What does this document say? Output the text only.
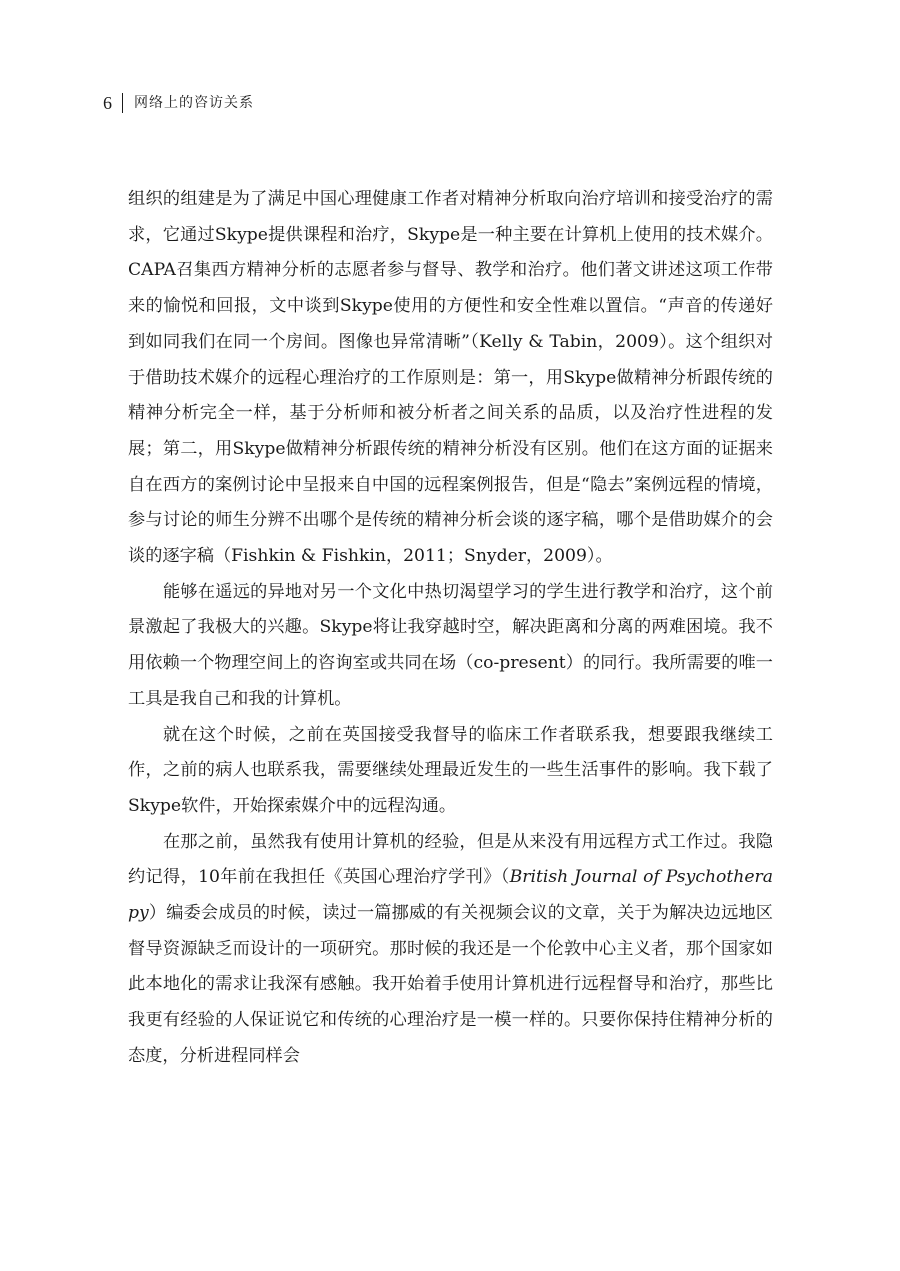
6 网络上的咨访关系

组织的组建是为了满足中国心理健康工作者对精神分析取向治疗培训和接受治疗的需求，它通过Skype提供课程和治疗，Skype是一种主要在计算机上使用的技术媒介。CAPA召集西方精神分析的志愿者参与督导、教学和治疗。他们著文讲述这项工作带来的愉悦和回报，文中谈到Skype使用的方便性和安全性难以置信。“声音的传递好到如同我们在同一个房间。图像也异常清晰”（Kelly & Tabin，2009）。这个组织对于借助技术媒介的远程心理治疗的工作原则是：第一，用Skype做精神分析跟传统的精神分析完全一样，基于分析师和被分析者之间关系的品质，以及治疗性进程的发展；第二，用Skype做精神分析跟传统的精神分析没有区别。他们在这方面的证据来自在西方的案例讨论中呈报来自中国的远程案例报告，但是“隐去”案例远程的情境，参与讨论的师生分辨不出哪个是传统的精神分析会谈的逐字稿，哪个是借助媒介的会谈的逐字稿（Fishkin & Fishkin，2011；Snyder，2009）。

能够在遥远的异地对另一个文化中热切渴望学习的学生进行教学和治疗，这个前景激起了我极大的兴趣。Skype将让我穿越时空，解决距离和分离的两难困境。我不用依赖一个物理空间上的咨询室或共同在场（co-present）的同行。我所需要的唯一工具是我自己和我的计算机。

就在这个时候，之前在英国接受我督导的临床工作者联系我，想要跟我继续工作，之前的病人也联系我，需要继续处理最近发生的一些生活事件的影响。我下载了Skype软件，开始探索媒介中的远程沟通。

在那之前，虽然我有使用计算机的经验，但是从来没有用远程方式工作过。我隐约记得，10年前在我担任《英国心理治疗学刊》（British Journal of Psychotherapy）编委会成员的时候，读过一篇挪威的有关视频会议的文章，关于为解决边远地区督导资源缺乏而设计的一项研究。那时候的我还是一个伦敦中心主义者，那个国家如此本地化的需求让我深有感触。我开始着手使用计算机进行远程督导和治疗，那些比我更有经验的人保证说它和传统的心理治疗是一模一样的。只要你保持住精神分析的态度，分析进程同样会
